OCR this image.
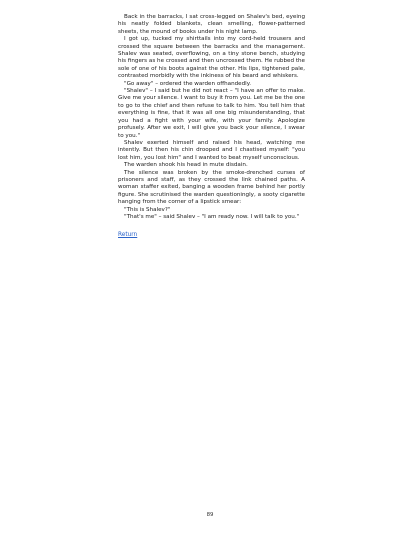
Back in the barracks, I sat cross-legged on Shalev's bed, eyeing his neatly folded blankets, clean smelling, flower-patterned sheets, the mound of books under his night lamp.

I got up, tucked my shirttails into my cord-held trousers and crossed the square between the barracks and the management. Shalev was seated, overflowing, on a tiny stone bench, studying his fingers as he crossed and then uncrossed them. He rubbed the sole of one of his boots against the other. His lips, tightened pale, contrasted morbidly with the inkiness of his beard and whiskers.

"Go away" – ordered the warden offhandedly.

"Shalev" – I said but he did not react – "I have an offer to make. Give me your silence. I want to buy it from you. Let me be the one to go to the chief and then refuse to talk to him. You tell him that everything is fine, that it was all one big misunderstanding, that you had a fight with your wife, with your family. Apologize profusely. After we exit, I will give you back your silence, I swear to you."

Shalev exerted himself and raised his head, watching me intently. But then his chin drooped and I chastised myself: "you lost him, you lost him" and I wanted to beat myself unconscious.

The warden shook his head in mute disdain.

The silence was broken by the smoke-drenched curses of prisoners and staff, as they crossed the link chained paths. A woman staffer exited, banging a wooden frame behind her portly figure. She scrutinised the warden questioningly, a sooty cigarette hanging from the corner of a lipstick smear:

"This is Shalev?"

"That's me" – said Shalev – "I am ready now. I will talk to you."

Return
89
